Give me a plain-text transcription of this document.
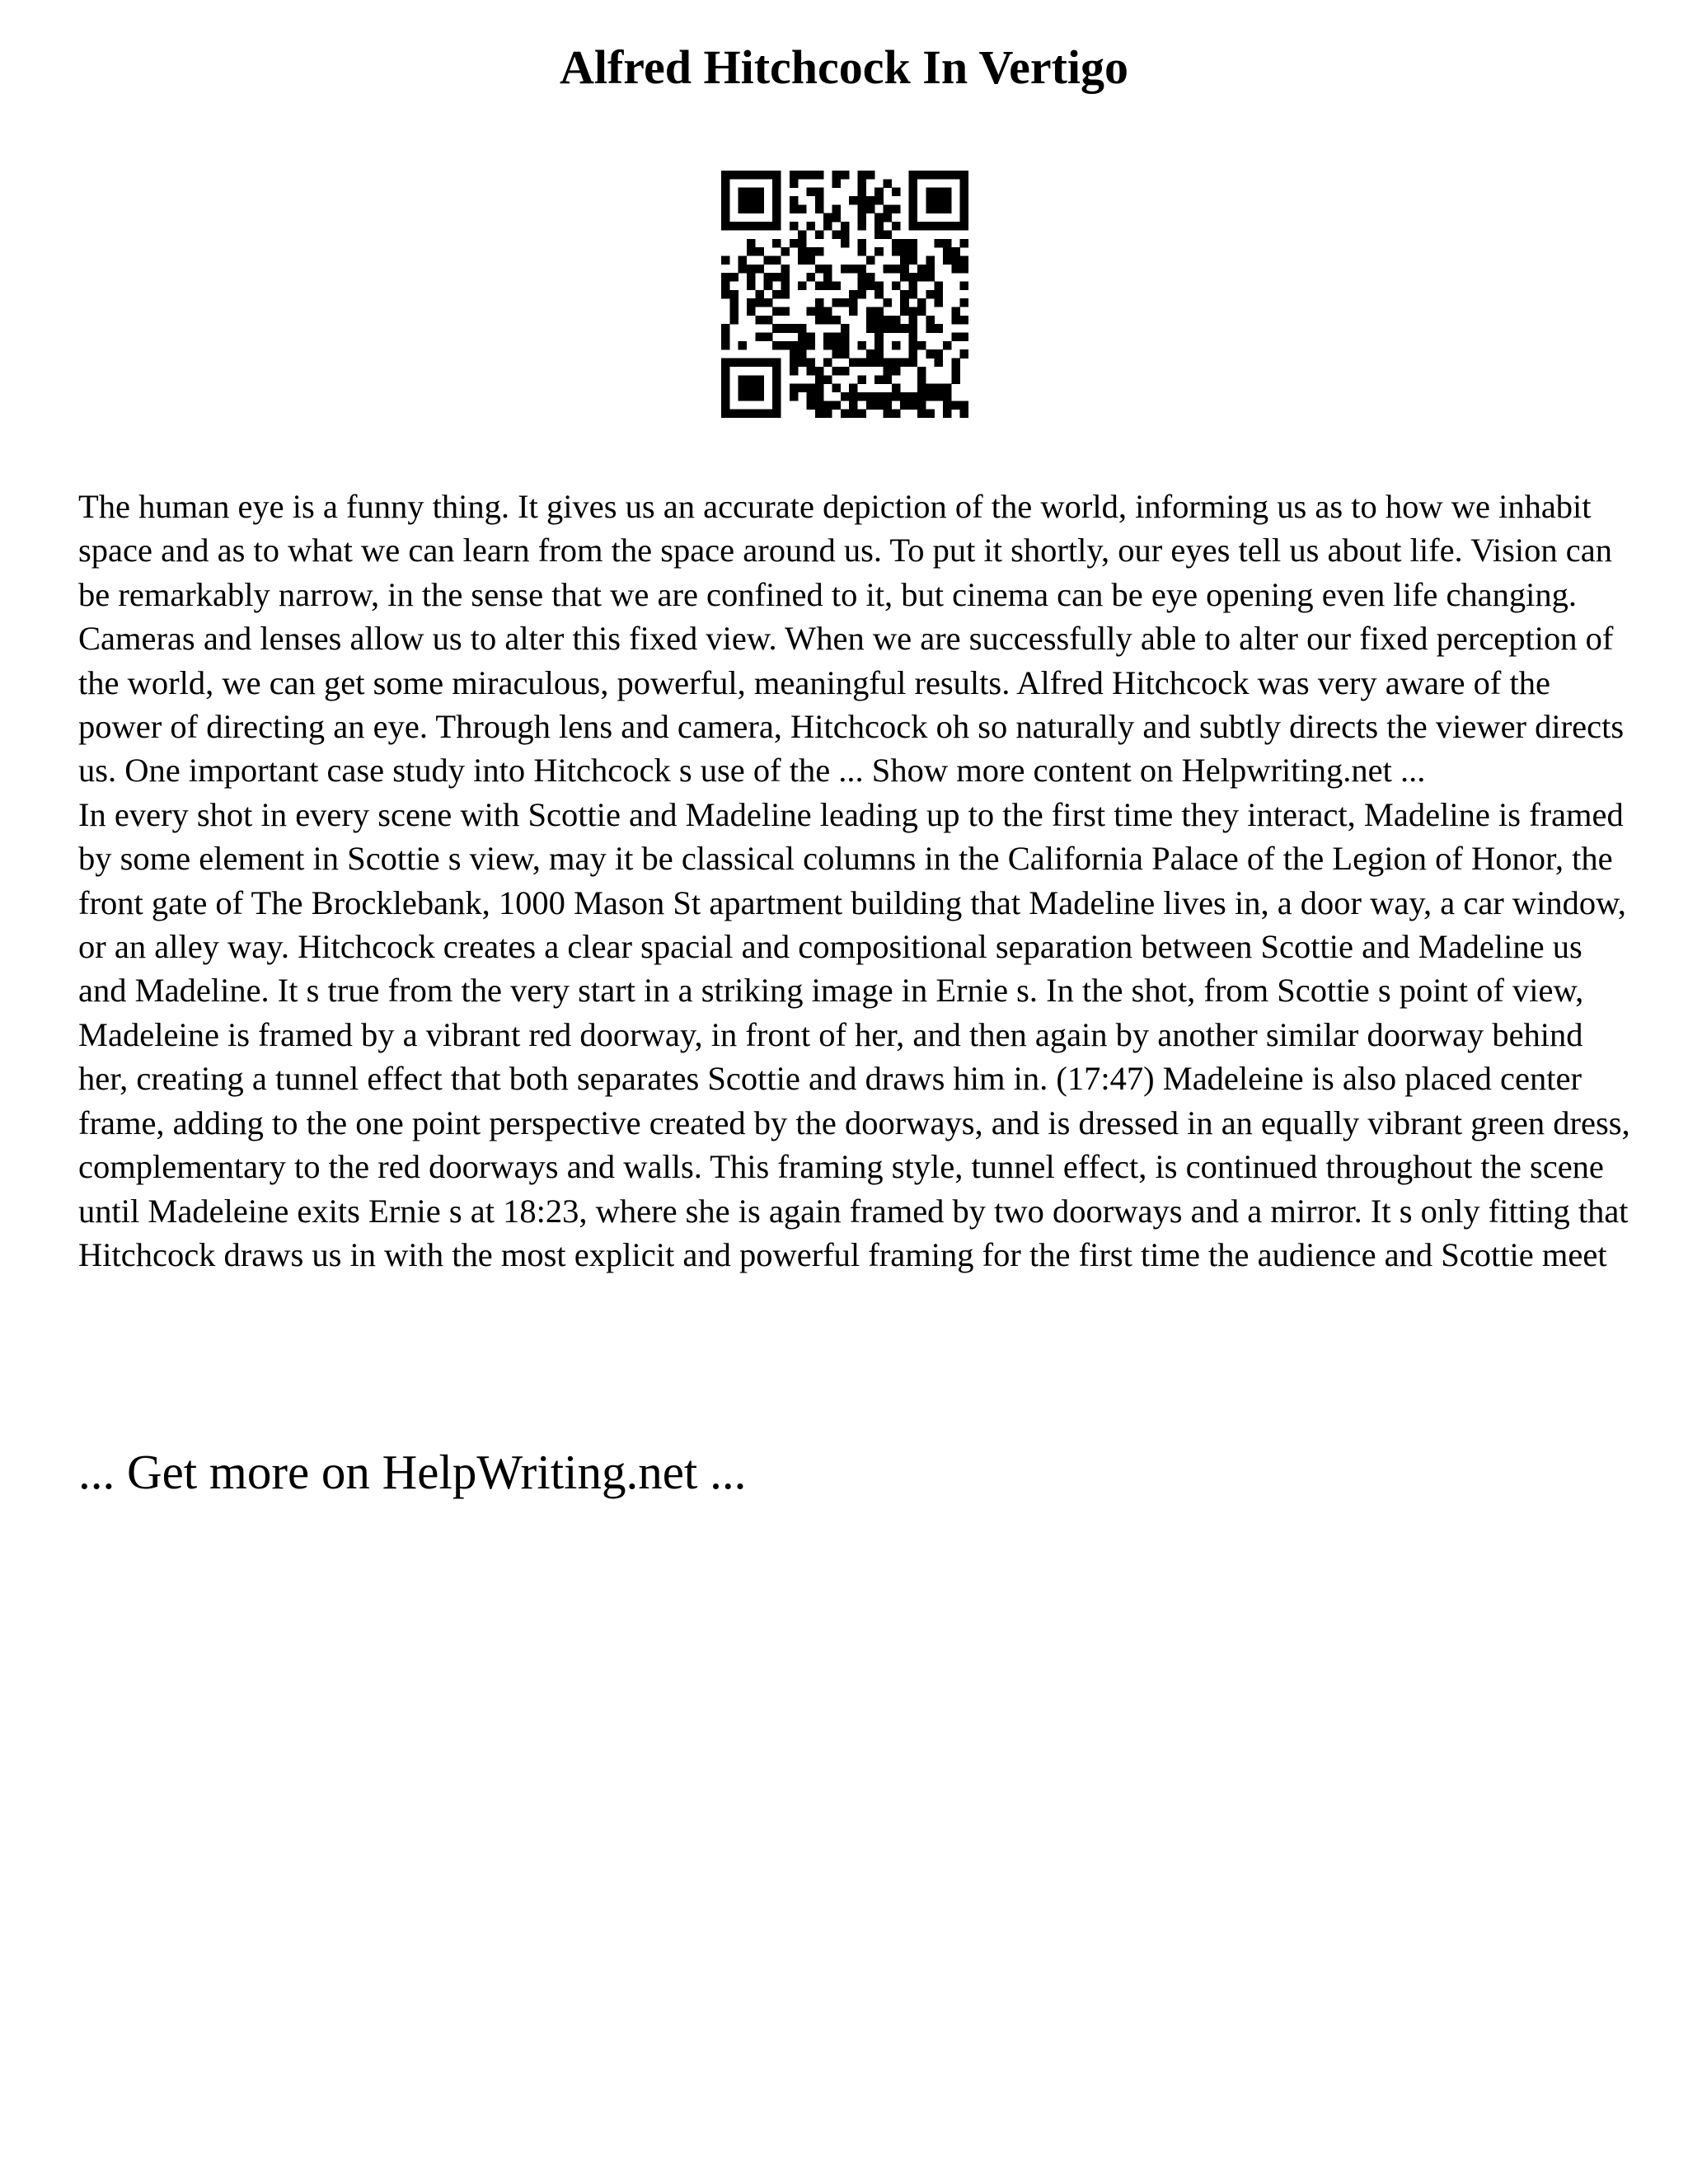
Alfred Hitchcock In Vertigo

The human eye is a funny thing. It gives us an accurate depiction of the world, informing us as to how we inhabit space and as to what we can learn from the space around us. To put it shortly, our eyes tell us about life. Vision can be remarkably narrow, in the sense that we are confined to it, but cinema can be eye opening even life changing. Cameras and lenses allow us to alter this fixed view. When we are successfully able to alter our fixed perception of the world, we can get some miraculous, powerful, meaningful results. Alfred Hitchcock was very aware of the power of directing an eye. Through lens and camera, Hitchcock oh so naturally and subtly directs the viewer directs us. One important case study into Hitchcock s use of the ... Show more content on Helpwriting.net ...

In every shot in every scene with Scottie and Madeline leading up to the first time they interact, Madeline is framed by some element in Scottie s view, may it be classical columns in the California Palace of the Legion of Honor, the front gate of The Brocklebank, 1000 Mason St apartment building that Madeline lives in, a door way, a car window, or an alley way. Hitchcock creates a clear spacial and compositional separation between Scottie and Madeline us and Madeline. It s true from the very start in a striking image in Ernie s. In the shot, from Scottie s point of view, Madeleine is framed by a vibrant red doorway, in front of her, and then again by another similar doorway behind her, creating a tunnel effect that both separates Scottie and draws him in. (17:47) Madeleine is also placed center frame, adding to the one point perspective created by the doorways, and is dressed in an equally vibrant green dress, complementary to the red doorways and walls. This framing style, tunnel effect, is continued throughout the scene until Madeleine exits Ernie s at 18:23, where she is again framed by two doorways and a mirror. It s only fitting that Hitchcock draws us in with the most explicit and powerful framing for the first time the audience and Scottie meet

... Get more on HelpWriting.net ...
